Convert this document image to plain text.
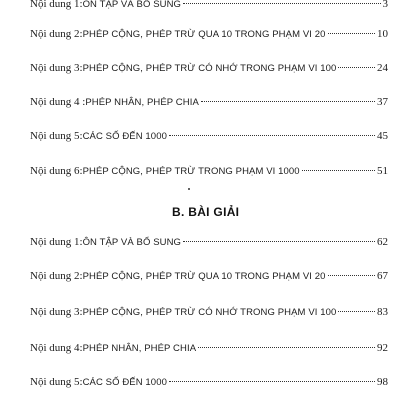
Nội dung 1: ÔN TẬP VÀ BỔ SUNG	3
Nội dung 2: PHÉP CỘNG, PHÉP TRỪ QUA 10 TRONG PHẠM VI 20	10
Nội dung 3: PHÉP CỘNG, PHÉP TRỪ CÓ NHỚ TRONG PHẠM VI 100	24
Nội dung 4 : PHÉP NHÂN, PHÉP CHIA	37
Nội dung 5: CÁC SỐ ĐẾN 1000	45
Nội dung 6: PHÉP CỘNG, PHÉP TRỪ TRONG PHẠM VI 1000	51
B. BÀI GIẢI
Nội dung 1: ÔN TẬP VÀ BỔ SUNG	62
Nội dung 2: PHÉP CỘNG, PHÉP TRỪ QUA 10 TRONG PHẠM VI 20	67
Nội dung 3: PHÉP CỘNG, PHÉP TRỪ CÓ NHỚ TRONG PHẠM VI 100	83
Nội dung 4: PHÉP NHÂN, PHÉP CHIA	92
Nội dung 5: CÁC SỐ ĐẾN 1000	98
